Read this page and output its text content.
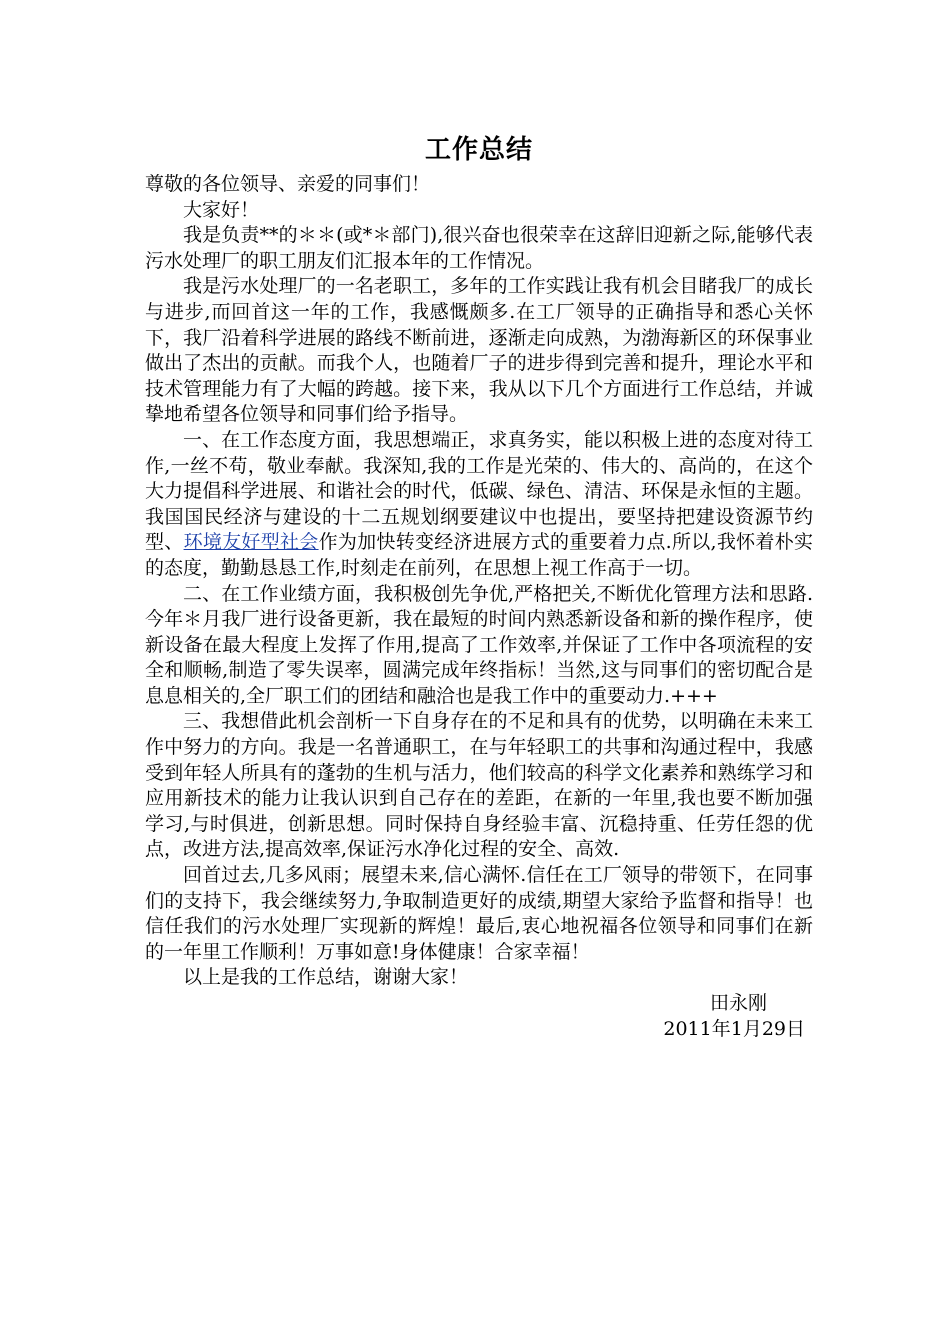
工作总结

尊敬的各位领导、亲爱的同事们！

大家好！

我是负责**的＊＊(或*＊部门),很兴奋也很荣幸在这辞旧迎新之际,能够代表污水处理厂的职工朋友们汇报本年的工作情况。

我是污水处理厂的一名老职工，多年的工作实践让我有机会目睹我厂的成长与进步,而回首这一年的工作，我感慨颇多.在工厂领导的正确指导和悉心关怀下，我厂沿着科学进展的路线不断前进，逐渐走向成熟，为渤海新区的环保事业做出了杰出的贡献。而我个人，也随着厂子的进步得到完善和提升，理论水平和技术管理能力有了大幅的跨越。接下来，我从以下几个方面进行工作总结，并诚挚地希望各位领导和同事们给予指导。

一、在工作态度方面，我思想端正，求真务实，能以积极上进的态度对待工作,一丝不苟，敬业奉献。我深知,我的工作是光荣的、伟大的、高尚的，在这个大力提倡科学进展、和谐社会的时代，低碳、绿色、清洁、环保是永恒的主题。我国国民经济与建设的十二五规划纲要建议中也提出，要坚持把建设资源节约型、环境友好型社会作为加快转变经济进展方式的重要着力点.所以,我怀着朴实的态度，勤勤恳恳工作,时刻走在前列，在思想上视工作高于一切。

二、在工作业绩方面，我积极创先争优,严格把关,不断优化管理方法和思路.今年＊月我厂进行设备更新，我在最短的时间内熟悉新设备和新的操作程序，使新设备在最大程度上发挥了作用,提高了工作效率,并保证了工作中各项流程的安全和顺畅,制造了零失误率，圆满完成年终指标！当然,这与同事们的密切配合是息息相关的,全厂职工们的团结和融洽也是我工作中的重要动力.+++

三、我想借此机会剖析一下自身存在的不足和具有的优势，以明确在未来工作中努力的方向。我是一名普通职工，在与年轻职工的共事和沟通过程中，我感受到年轻人所具有的蓬勃的生机与活力，他们较高的科学文化素养和熟练学习和应用新技术的能力让我认识到自己存在的差距，在新的一年里,我也要不断加强学习,与时俱进，创新思想。同时保持自身经验丰富、沉稳持重、任劳任怨的优点，改进方法,提高效率,保证污水净化过程的安全、高效.

回首过去,几多风雨；展望未来,信心满怀.信任在工厂领导的带领下，在同事们的支持下，我会继续努力,争取制造更好的成绩,期望大家给予监督和指导！也信任我们的污水处理厂实现新的辉煌！最后,衷心地祝福各位领导和同事们在新的一年里工作顺利！万事如意!身体健康！合家幸福！

以上是我的工作总结，谢谢大家！

田永刚

2011年1月29日
